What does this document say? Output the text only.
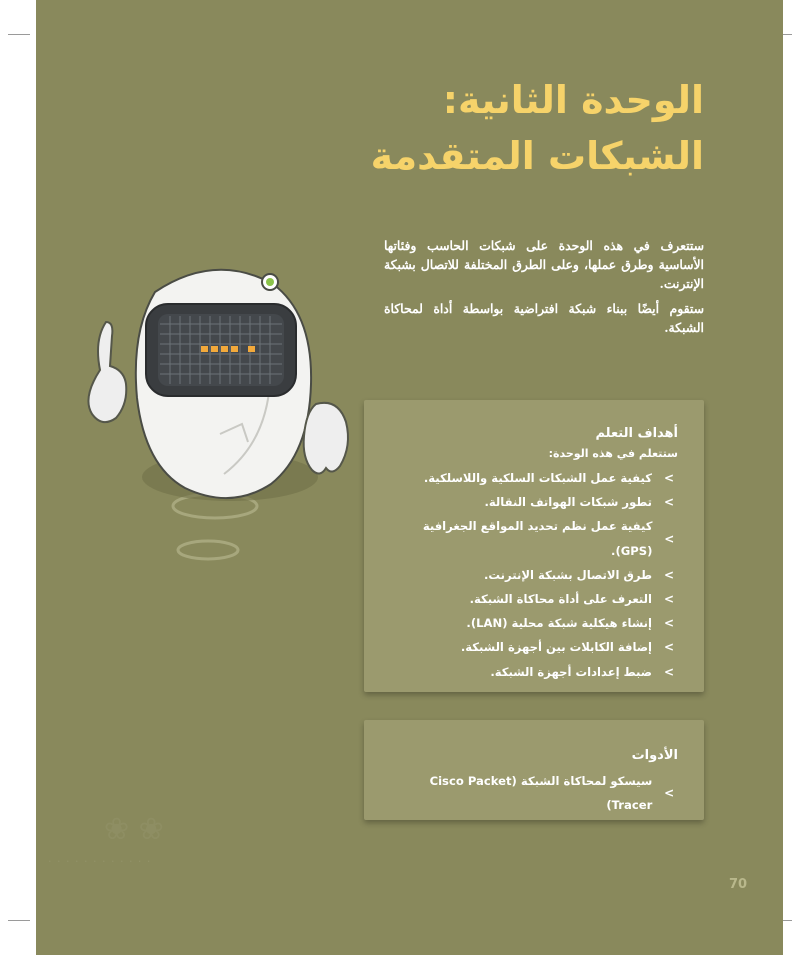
الوحدة الثانية:
الشبكات المتقدمة

ستتعرف في هذه الوحدة على شبكات الحاسب وفئاتها الأساسية وطرق عملها، وعلى الطرق المختلفة للاتصال بشبكة الإنترنت.

ستقوم أيضًا ببناء شبكة افتراضية بواسطة أداة لمحاكاة الشبكة.

❀ ❀
أهداف التعلم
ستتعلم في هذه الوحدة:
>
كيفية عمل الشبكات السلكية واللاسلكية.
>
تطور شبكات الهواتف النقالة.
>
كيفية عمل نظم تحديد المواقع الجغرافية (GPS).
>
طرق الاتصال بشبكة الإنترنت.
>
التعرف على أداة محاكاة الشبكة.
>
إنشاء هيكلية شبكة محلية (LAN).
>
إضافة الكابلات بين أجهزة الشبكة.
>
ضبط إعدادات أجهزة الشبكة.
الأدوات
>
سيسكو لمحاكاة الشبكة (Cisco Packet Tracer)
· · · · · · · · · · · ·
70
